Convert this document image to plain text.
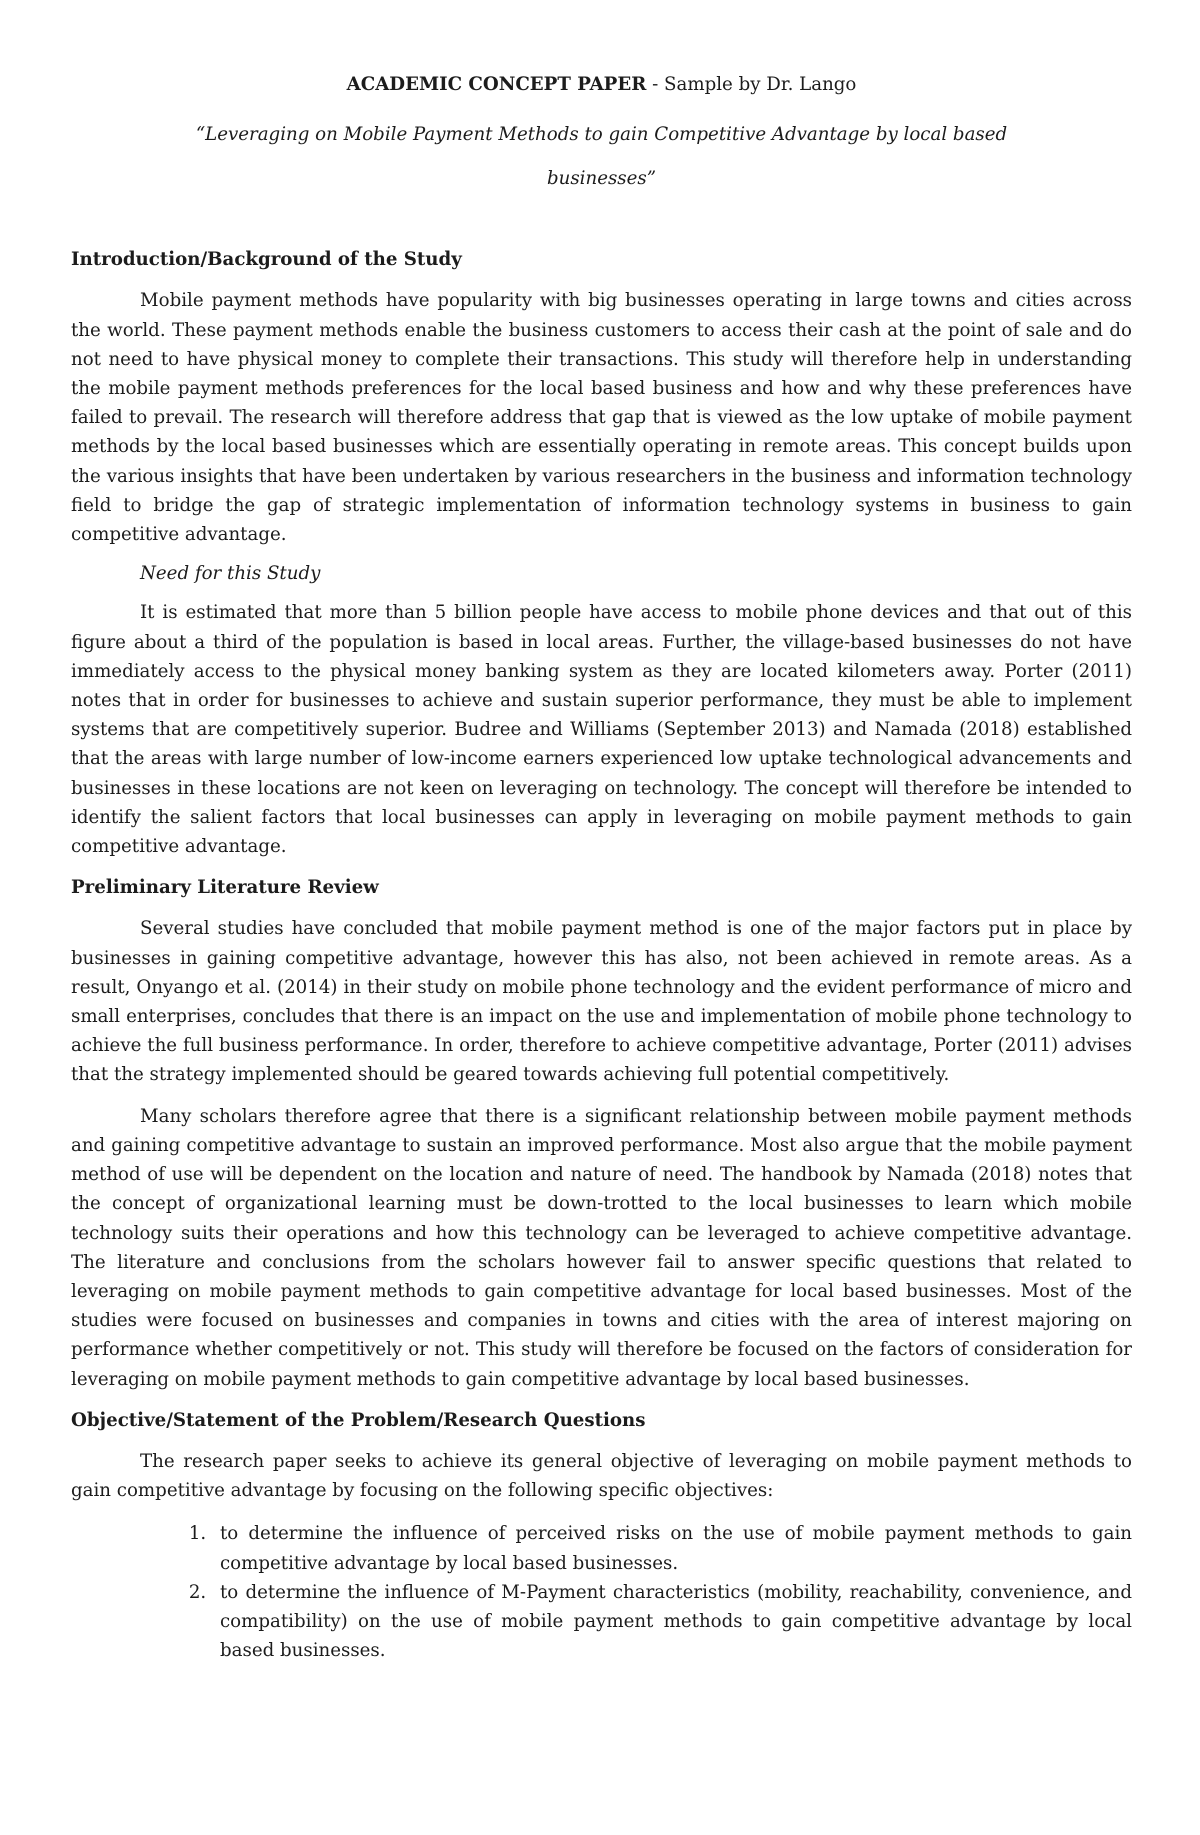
ACADEMIC CONCEPT PAPER - Sample by Dr. Lango

“Leveraging on Mobile Payment Methods to gain Competitive Advantage by local based businesses”

Introduction/Background of the Study

Mobile payment methods have popularity with big businesses operating in large towns and cities across the world. These payment methods enable the business customers to access their cash at the point of sale and do not need to have physical money to complete their transactions. This study will therefore help in understanding the mobile payment methods preferences for the local based business and how and why these preferences have failed to prevail. The research will therefore address that gap that is viewed as the low uptake of mobile payment methods by the local based businesses which are essentially operating in remote areas. This concept builds upon the various insights that have been undertaken by various researchers in the business and information technology field to bridge the gap of strategic implementation of information technology systems in business to gain competitive advantage.

Need for this Study

It is estimated that more than 5 billion people have access to mobile phone devices and that out of this figure about a third of the population is based in local areas. Further, the village-based businesses do not have immediately access to the physical money banking system as they are located kilometers away. Porter (2011) notes that in order for businesses to achieve and sustain superior performance, they must be able to implement systems that are competitively superior. Budree and Williams (September 2013) and Namada (2018) established that the areas with large number of low-income earners experienced low uptake technological advancements and businesses in these locations are not keen on leveraging on technology. The concept will therefore be intended to identify the salient factors that local businesses can apply in leveraging on mobile payment methods to gain competitive advantage.

Preliminary Literature Review

Several studies have concluded that mobile payment method is one of the major factors put in place by businesses in gaining competitive advantage, however this has also, not been achieved in remote areas. As a result, Onyango et al. (2014) in their study on mobile phone technology and the evident performance of micro and small enterprises, concludes that there is an impact on the use and implementation of mobile phone technology to achieve the full business performance. In order, therefore to achieve competitive advantage, Porter (2011) advises that the strategy implemented should be geared towards achieving full potential competitively.

Many scholars therefore agree that there is a significant relationship between mobile payment methods and gaining competitive advantage to sustain an improved performance. Most also argue that the mobile payment method of use will be dependent on the location and nature of need. The handbook by Namada (2018) notes that the concept of organizational learning must be down-trotted to the local businesses to learn which mobile technology suits their operations and how this technology can be leveraged to achieve competitive advantage. The literature and conclusions from the scholars however fail to answer specific questions that related to leveraging on mobile payment methods to gain competitive advantage for local based businesses. Most of the studies were focused on businesses and companies in towns and cities with the area of interest majoring on performance whether competitively or not. This study will therefore be focused on the factors of consideration for leveraging on mobile payment methods to gain competitive advantage by local based businesses.

Objective/Statement of the Problem/Research Questions

The research paper seeks to achieve its general objective of leveraging on mobile payment methods to gain competitive advantage by focusing on the following specific objectives:

1. to determine the influence of perceived risks on the use of mobile payment methods to gain competitive advantage by local based businesses.
2. to determine the influence of M-Payment characteristics (mobility, reachability, convenience, and compatibility) on the use of mobile payment methods to gain competitive advantage by local based businesses.
